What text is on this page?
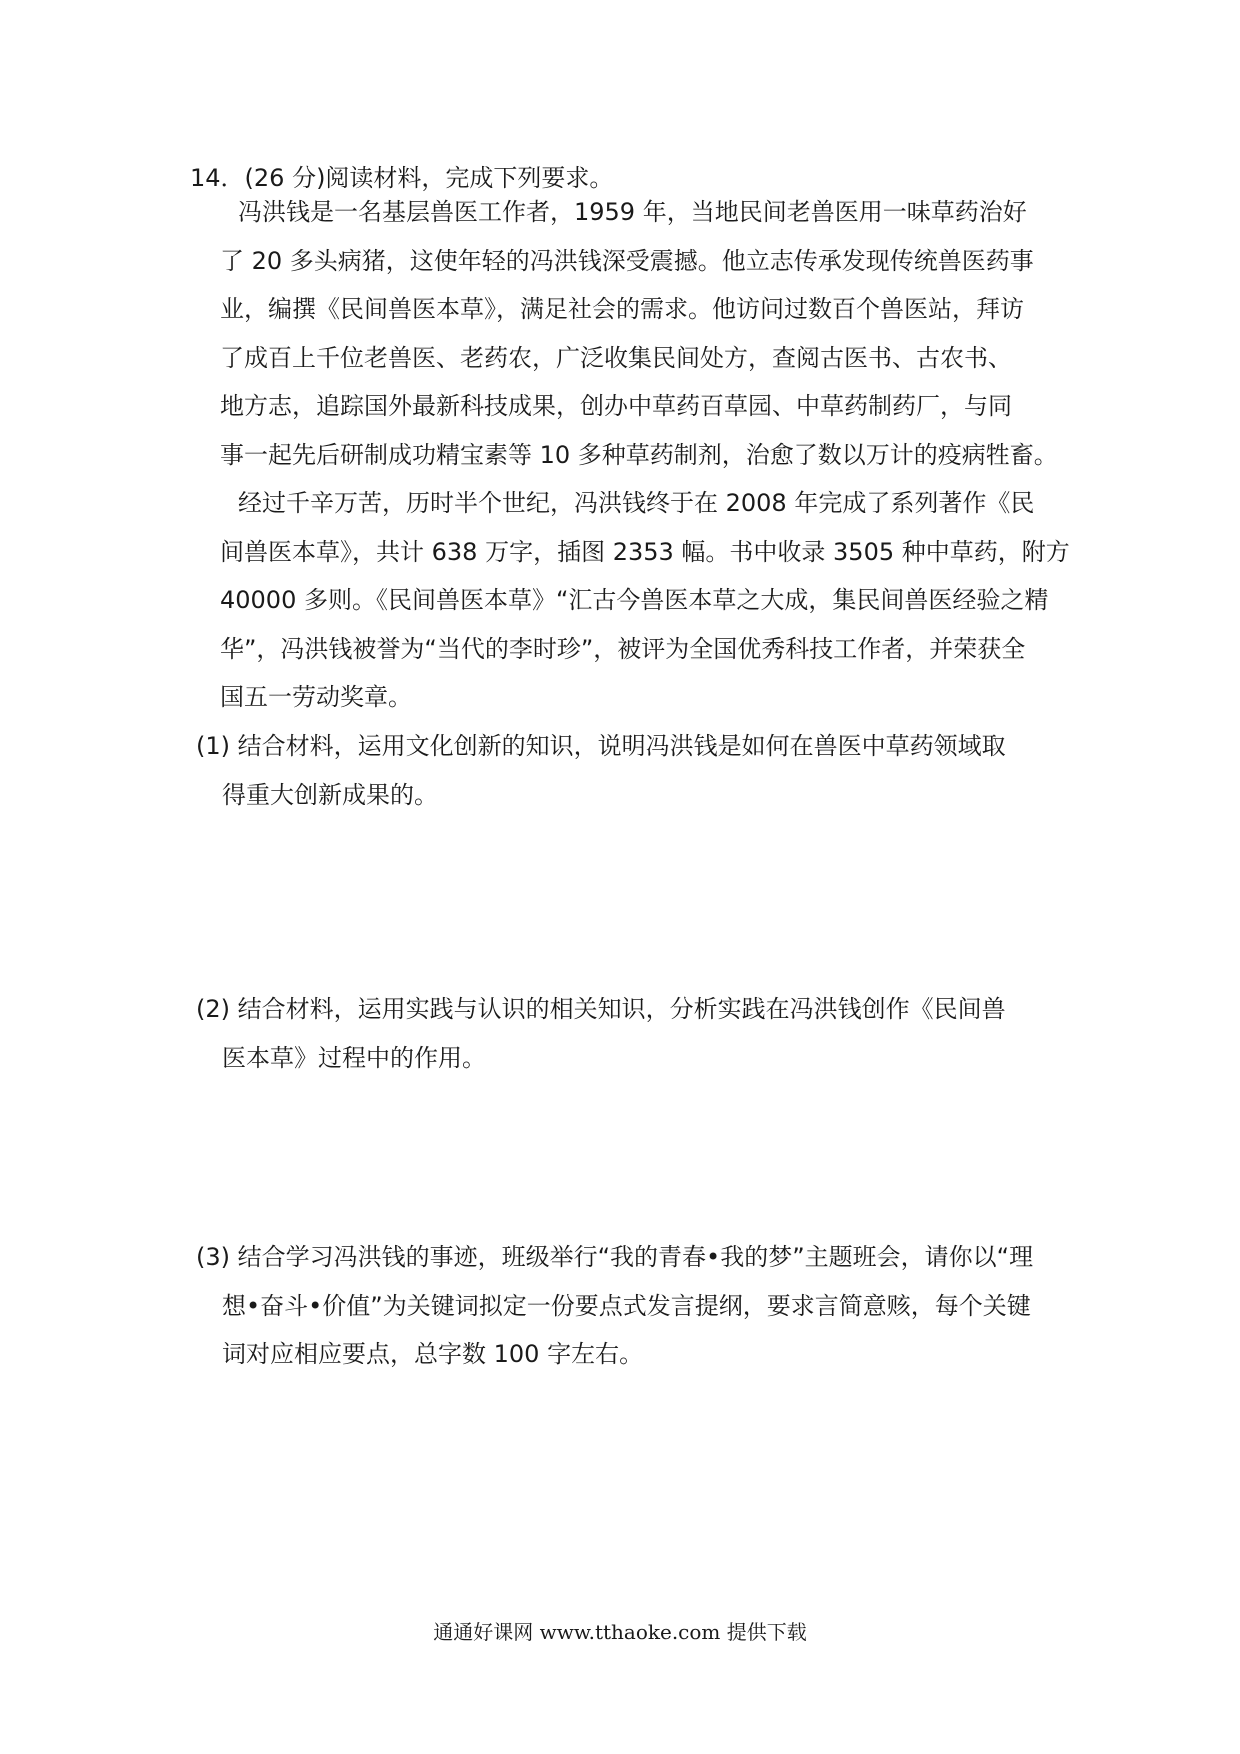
14．(26 分)阅读材料，完成下列要求。
冯洪钱是一名基层兽医工作者，1959 年，当地民间老兽医用一味草药治好
了 20 多头病猪，这使年轻的冯洪钱深受震撼。他立志传承发现传统兽医药事
业，编撰《民间兽医本草》，满足社会的需求。他访问过数百个兽医站，拜访
了成百上千位老兽医、老药农，广泛收集民间处方，查阅古医书、古农书、
地方志，追踪国外最新科技成果，创办中草药百草园、中草药制药厂，与同
事一起先后研制成功精宝素等 10 多种草药制剂，治愈了数以万计的疫病牲畜。
经过千辛万苦，历时半个世纪，冯洪钱终于在 2008 年完成了系列著作《民
间兽医本草》，共计 638 万字，插图 2353 幅。书中收录 3505 种中草药，附方
40000 多则。《民间兽医本草》“汇古今兽医本草之大成，集民间兽医经验之精
华”，冯洪钱被誉为“当代的李时珍”，被评为全国优秀科技工作者，并荣获全
国五一劳动奖章。
(1) 结合材料，运用文化创新的知识，说明冯洪钱是如何在兽医中草药领域取
得重大创新成果的。
(2) 结合材料，运用实践与认识的相关知识，分析实践在冯洪钱创作《民间兽
医本草》过程中的作用。
(3) 结合学习冯洪钱的事迹，班级举行“我的青春•我的梦”主题班会，请你以“理
想•奋斗•价值”为关键词拟定一份要点式发言提纲，要求言简意赅，每个关键
词对应相应要点，总字数 100 字左右。
通通好课网 www.tthaoke.com 提供下载
